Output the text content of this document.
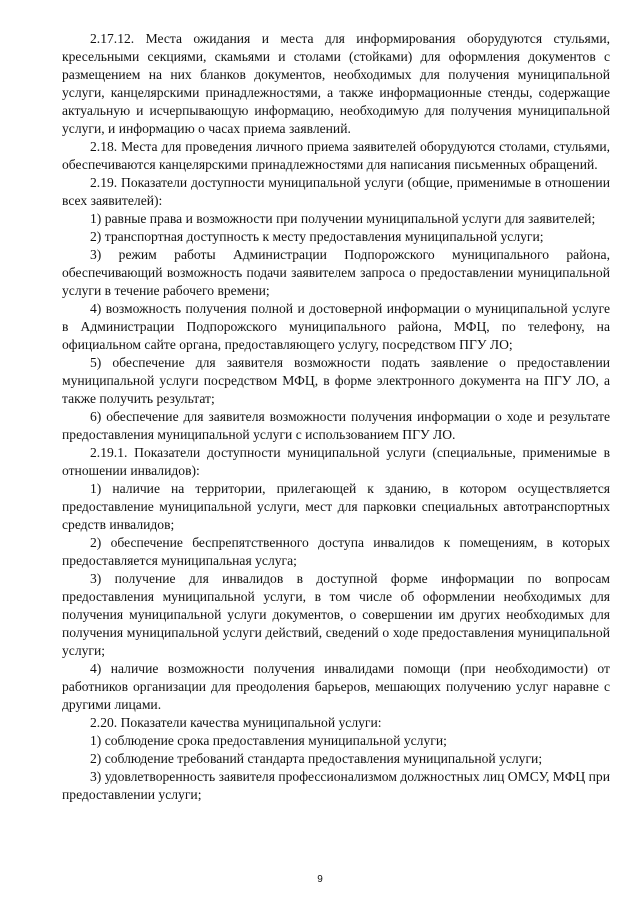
2.17.12. Места ожидания и места для информирования оборудуются стульями, кресельными секциями, скамьями и столами (стойками) для оформления документов с размещением на них бланков документов, необходимых для получения муниципальной услуги, канцелярскими принадлежностями, а также информационные стенды, содержащие актуальную и исчерпывающую информацию, необходимую для получения муниципальной услуги, и информацию о часах приема заявлений.

2.18. Места для проведения личного приема заявителей оборудуются столами, стульями, обеспечиваются канцелярскими принадлежностями для написания письменных обращений.

2.19. Показатели доступности муниципальной услуги (общие, применимые в отношении всех заявителей):

1) равные права и возможности при получении муниципальной услуги для заявителей;

2) транспортная доступность к месту предоставления муниципальной услуги;

3) режим работы Администрации Подпорожского муниципального района, обеспечивающий возможность подачи заявителем запроса о предоставлении муниципальной услуги в течение рабочего времени;

4) возможность получения полной и достоверной информации о муниципальной услуге в Администрации Подпорожского муниципального района, МФЦ, по телефону, на официальном сайте органа, предоставляющего услугу, посредством ПГУ ЛО;

5) обеспечение для заявителя возможности подать заявление о предоставлении муниципальной услуги посредством МФЦ, в форме электронного документа на ПГУ ЛО, а также получить результат;

6) обеспечение для заявителя возможности получения информации о ходе и результате предоставления муниципальной услуги с использованием ПГУ ЛО.

2.19.1. Показатели доступности муниципальной услуги (специальные, применимые в отношении инвалидов):

1) наличие на территории, прилегающей к зданию, в котором осуществляется предоставление муниципальной услуги, мест для парковки специальных автотранспортных средств инвалидов;

2) обеспечение беспрепятственного доступа инвалидов к помещениям, в которых предоставляется муниципальная услуга;

3) получение для инвалидов в доступной форме информации по вопросам предоставления муниципальной услуги, в том числе об оформлении необходимых для получения муниципальной услуги документов, о совершении им других необходимых для получения муниципальной услуги действий, сведений о ходе предоставления муниципальной услуги;

4) наличие возможности получения инвалидами помощи (при необходимости) от работников организации для преодоления барьеров, мешающих получению услуг наравне с другими лицами.

2.20. Показатели качества муниципальной услуги:

1) соблюдение срока предоставления муниципальной услуги;

2) соблюдение требований стандарта предоставления муниципальной услуги;

3) удовлетворенность заявителя профессионализмом должностных лиц ОМСУ, МФЦ при предоставлении услуги;

9
